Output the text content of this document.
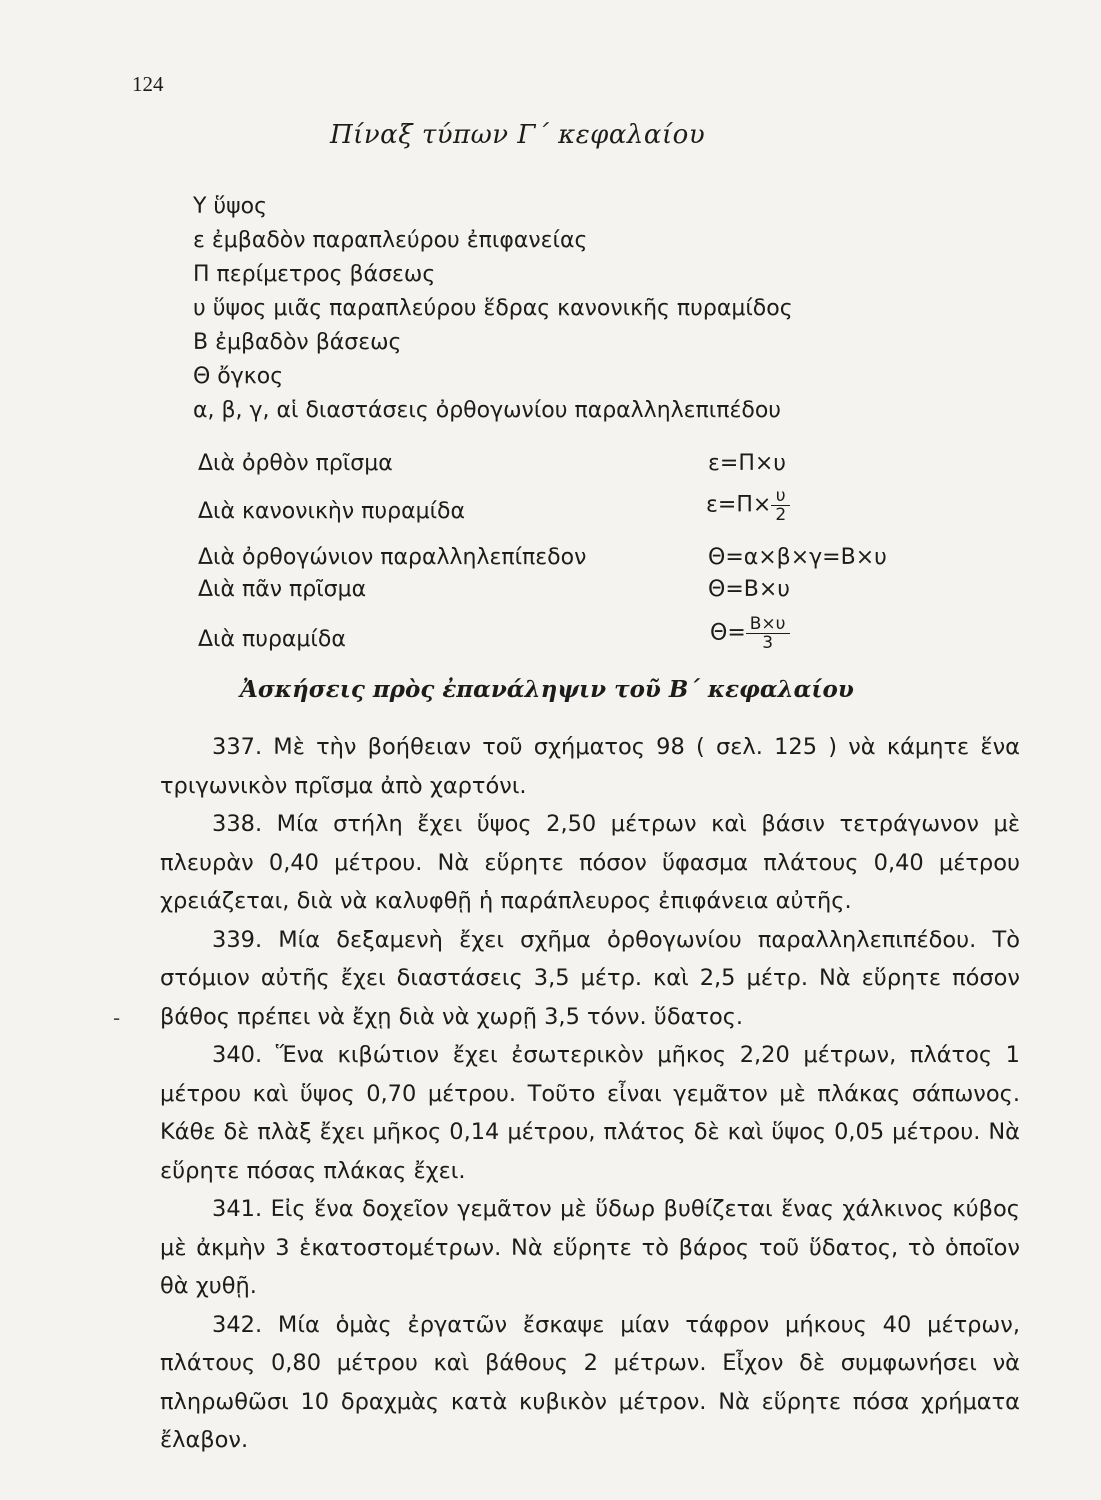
124
Πίναξ τύπων Γ΄ κεφαλαίου
Υ ὕψος
ε ἐμβαδὸν παραπλεύρου ἐπιφανείας
Π περίμετρος βάσεως
υ ὕψος μιᾶς παραπλεύρου ἕδρας κανονικῆς πυραμίδος
Β ἐμβαδὸν βάσεως
Θ ὄγκος
α, β, γ, αἱ διαστάσεις ὀρθογωνίου παραλληλεπιπέδου
Διὰ ὀρθὸν πρῖσμα	ε=Π×υ
Διὰ κανονικὴν πυραμίδα	$\varepsilon=\Pi\times \frac{\upsilon}{2}$
Διὰ ὀρθογώνιον παραλληλεπίπεδον	Θ=α×β×γ=Β×υ
Διὰ πᾶν πρῖσμα	Θ=Β×υ
Διὰ πυραμίδα	$\Theta= \frac{B\times\upsilon}{3}$
Ἀσκήσεις πρὸς ἐπανάληψιν τοῦ Β΄ κεφαλαίου

337. Μὲ τὴν βοήθειαν τοῦ σχήματος 98 ( σελ. 125 ) νὰ κάμητε ἕνα τριγωνικὸν πρῖσμα ἀπὸ χαρτόνι.

338. Μία στήλη ἔχει ὕψος 2,50 μέτρων καὶ βάσιν τετράγωνον μὲ πλευρὰν 0,40 μέτρου. Νὰ εὕρητε πόσον ὕφασμα πλάτους 0,40 μέτρου χρειάζεται, διὰ νὰ καλυφθῇ ἡ παράπλευρος ἐπιφάνεια αὐτῆς.

339. Μία δεξαμενὴ ἔχει σχῆμα ὀρθογωνίου παραλληλεπιπέδου. Τὸ στόμιον αὐτῆς ἔχει διαστάσεις 3,5 μέτρ. καὶ 2,5 μέτρ. Νὰ εὕρητε πόσον βάθος πρέπει νὰ ἔχῃ διὰ νὰ χωρῇ 3,5 τόνν. ὕδατος.

340. Ἕνα κιβώτιον ἔχει ἐσωτερικὸν μῆκος 2,20 μέτρων, πλάτος 1 μέτρου καὶ ὕψος 0,70 μέτρου. Τοῦτο εἶναι γεμᾶτον μὲ πλάκας σάπωνος. Κάθε δὲ πλὰξ ἔχει μῆκος 0,14 μέτρου, πλάτος δὲ καὶ ὕψος 0,05 μέτρου. Νὰ εὕρητε πόσας πλάκας ἔχει.

341. Εἰς ἕνα δοχεῖον γεμᾶτον μὲ ὕδωρ βυθίζεται ἕνας χάλκινος κύβος μὲ ἀκμὴν 3 ἑκατοστομέτρων. Νὰ εὕρητε τὸ βάρος τοῦ ὕδατος, τὸ ὁποῖον θὰ χυθῇ.

342. Μία ὁμὰς ἐργατῶν ἔσκαψε μίαν τάφρον μήκους 40 μέτρων, πλάτους 0,80 μέτρου καὶ βάθους 2 μέτρων. Εἶχον δὲ συμφωνήσει νὰ πληρωθῶσι 10 δραχμὰς κατὰ κυβικὸν μέτρον. Νὰ εὕρητε πόσα χρήματα ἔλαβον.

-
